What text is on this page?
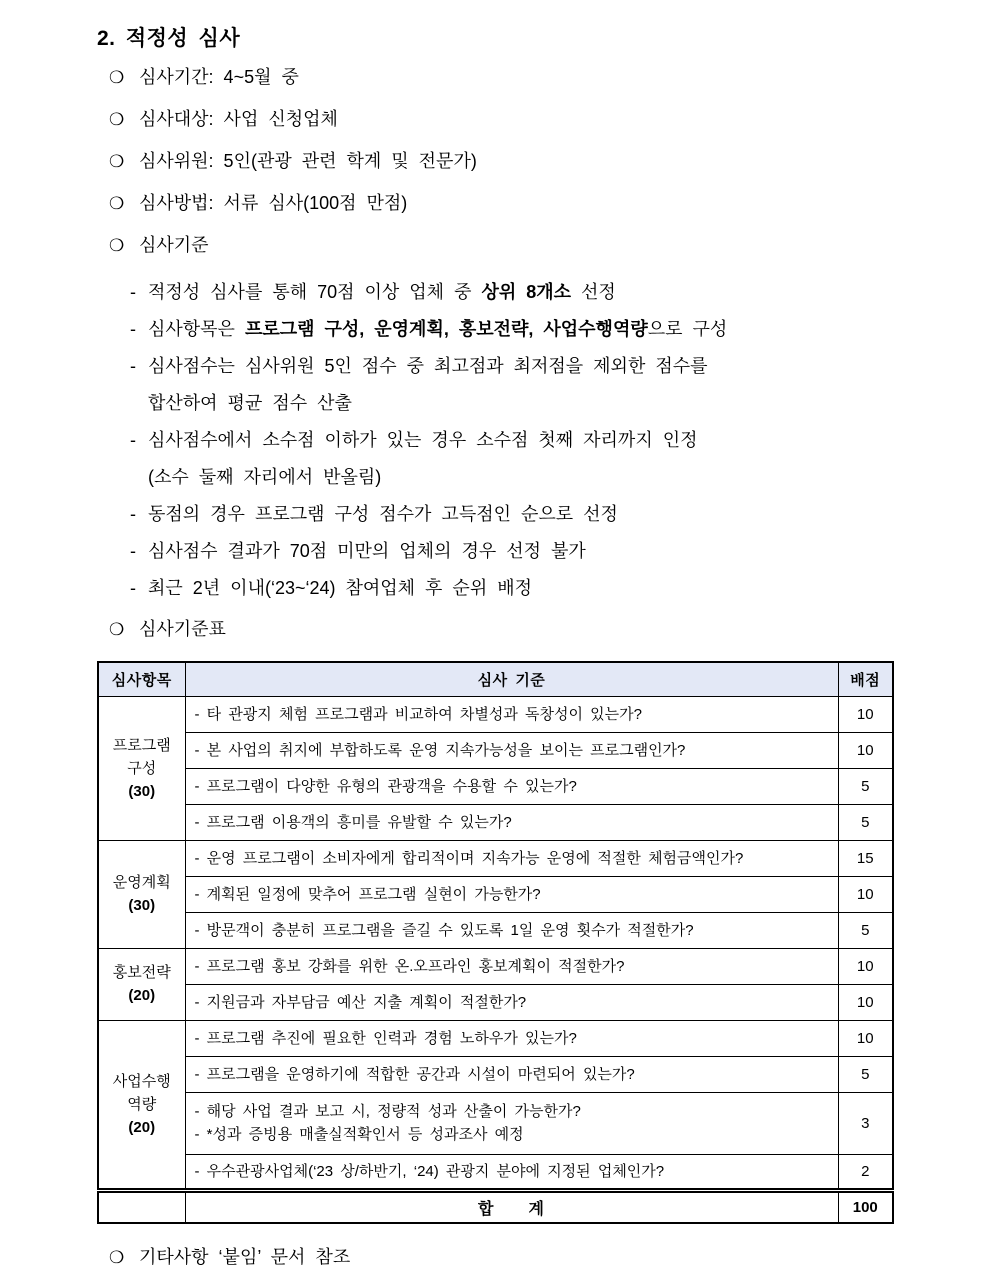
2. 적정성 심사
❍ 심사기간: 4~5월 중
❍ 심사대상: 사업 신청업체
❍ 심사위원: 5인(관광 관련 학계 및 전문가)
❍ 심사방법: 서류 심사(100점 만점)
❍ 심사기준
- 적정성 심사를 통해 70점 이상 업체 중 상위 8개소 선정
- 심사항목은 프로그램 구성, 운영계획, 홍보전략, 사업수행역량으로 구성
- 심사점수는 심사위원 5인 점수 중 최고점과 최저점을 제외한 점수를
합산하여 평균 점수 산출
- 심사점수에서 소수점 이하가 있는 경우 소수점 첫째 자리까지 인정
(소수 둘째 자리에서 반올림)
- 동점의 경우 프로그램 구성 점수가 고득점인 순으로 선정
- 심사점수 결과가 70점 미만의 업체의 경우 선정 불가
- 최근 2년 이내(‘23~‘24) 참여업체 후 순위 배정
❍ 심사기준표
심사항목	심사 기준	배점

프로그램
구성
(30)	- 타 관광지 체험 프로그램과 비교하여 차별성과 독창성이 있는가?	10

	- 본 사업의 취지에 부합하도록 운영 지속가능성을 보이는 프로그램인가?	10

	- 프로그램이 다양한 유형의 관광객을 수용할 수 있는가?	5

	- 프로그램 이용객의 흥미를 유발할 수 있는가?	5

운영계획
(30)	- 운영 프로그램이 소비자에게 합리적이며 지속가능 운영에 적절한 체험금액인가?	15

	- 계획된 일정에 맞추어 프로그램 실현이 가능한가?	10

	- 방문객이 충분히 프로그램을 즐길 수 있도록 1일 운영 횟수가 적절한가?	5

홍보전략
(20)	- 프로그램 홍보 강화를 위한 온.오프라인 홍보계획이 적절한가?	10

	- 지원금과 자부담금 예산 지출 계획이 적절한가?	10

사업수행
역량
(20)	- 프로그램 추진에 필요한 인력과 경험 노하우가 있는가?	10

	- 프로그램을 운영하기에 적합한 공간과 시설이 마련되어 있는가?	5

	- 해당 사업 결과 보고 시, 정량적 성과 산출이 가능한가?
- *성과 증빙용 매출실적확인서 등 성과조사 예정	3

	- 우수관광사업체(‘23 상/하반기, ‘24) 관광지 분야에 지정된 업체인가?	2
	합　　계	100
❍ 기타사항 ‘붙임’ 문서 참조
